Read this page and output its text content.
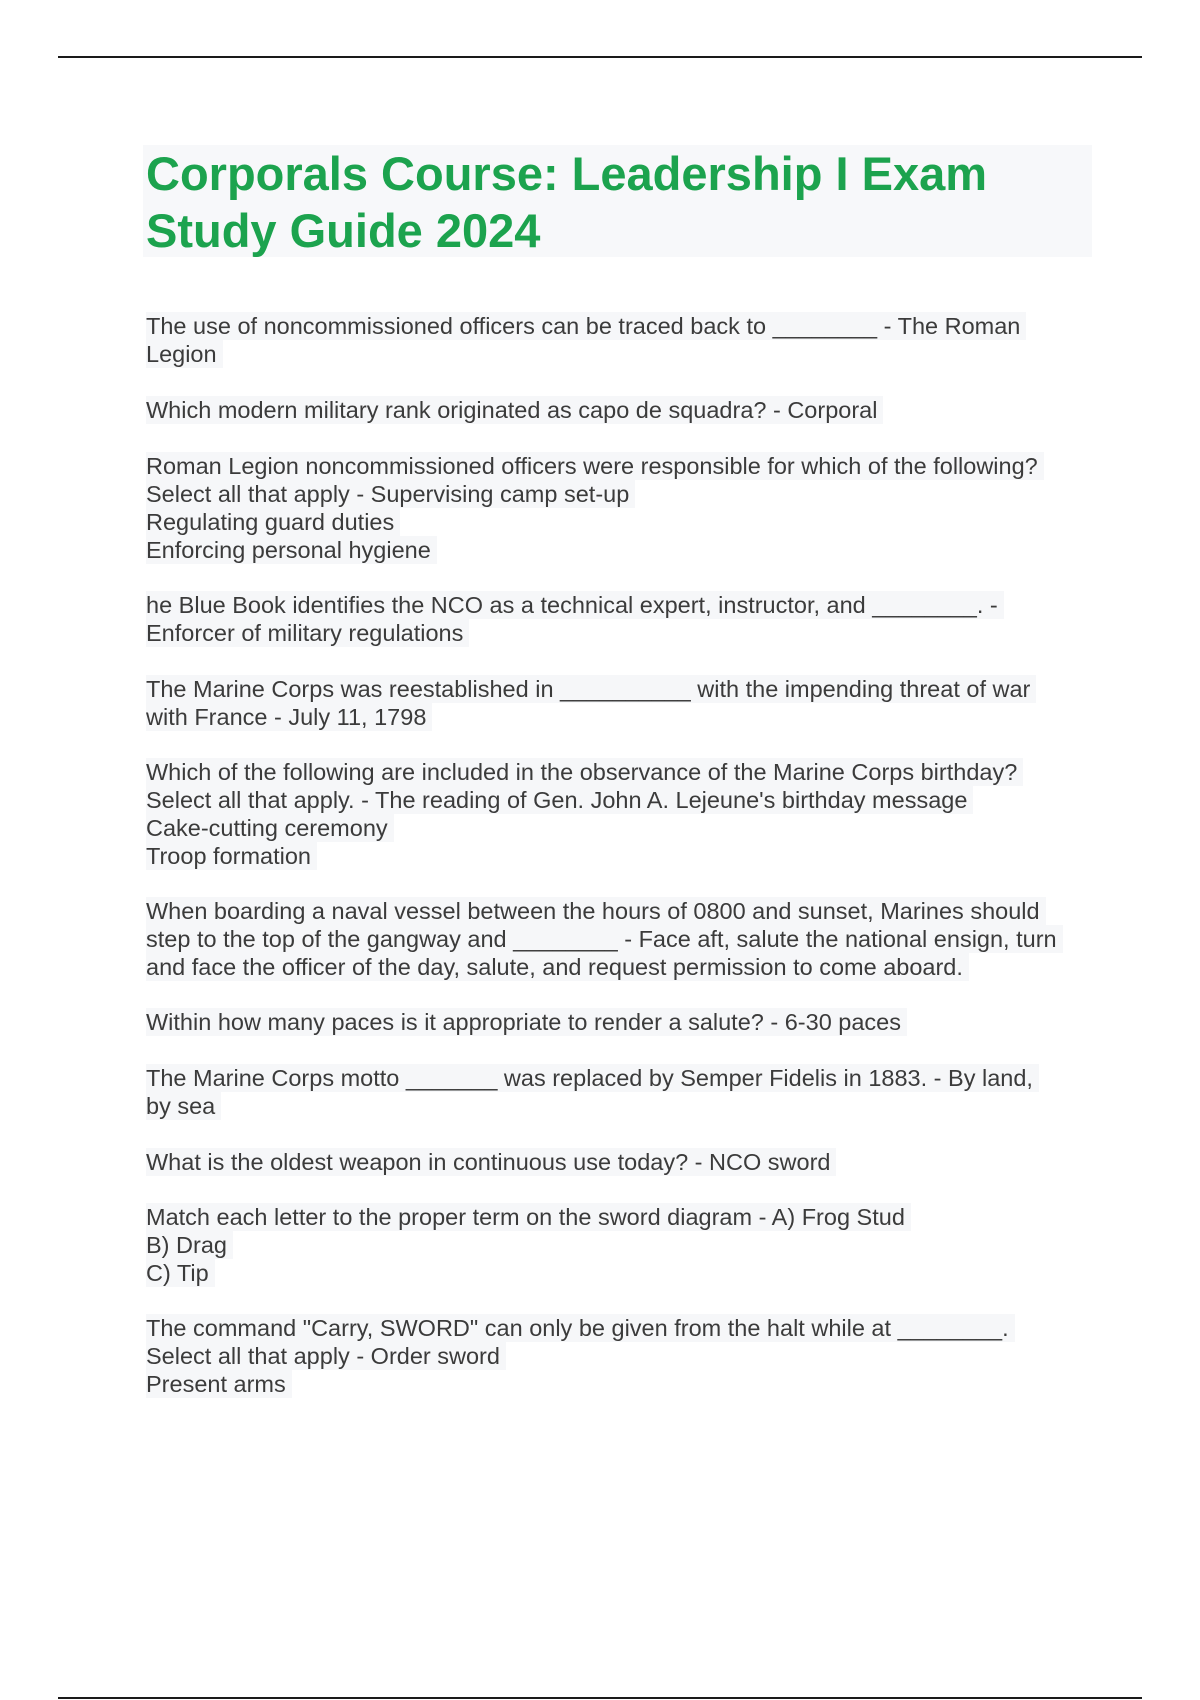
Corporals Course: Leadership I Exam Study Guide 2024

The use of noncommissioned officers can be traced back to ________ - The Roman
Legion

Which modern military rank originated as capo de squadra? - Corporal

Roman Legion noncommissioned officers were responsible for which of the following?
Select all that apply - Supervising camp set-up
Regulating guard duties
Enforcing personal hygiene

he Blue Book identifies the NCO as a technical expert, instructor, and ________. -
Enforcer of military regulations

The Marine Corps was reestablished in __________ with the impending threat of war
with France - July 11, 1798

Which of the following are included in the observance of the Marine Corps birthday?
Select all that apply. - The reading of Gen. John A. Lejeune's birthday message
Cake-cutting ceremony
Troop formation

When boarding a naval vessel between the hours of 0800 and sunset, Marines should
step to the top of the gangway and ________ - Face aft, salute the national ensign, turn
and face the officer of the day, salute, and request permission to come aboard.

Within how many paces is it appropriate to render a salute? - 6-30 paces

The Marine Corps motto _______ was replaced by Semper Fidelis in 1883. - By land,
by sea

What is the oldest weapon in continuous use today? - NCO sword

Match each letter to the proper term on the sword diagram - A) Frog Stud
B) Drag
C) Tip

The command "Carry, SWORD" can only be given from the halt while at ________.
Select all that apply - Order sword
Present arms
